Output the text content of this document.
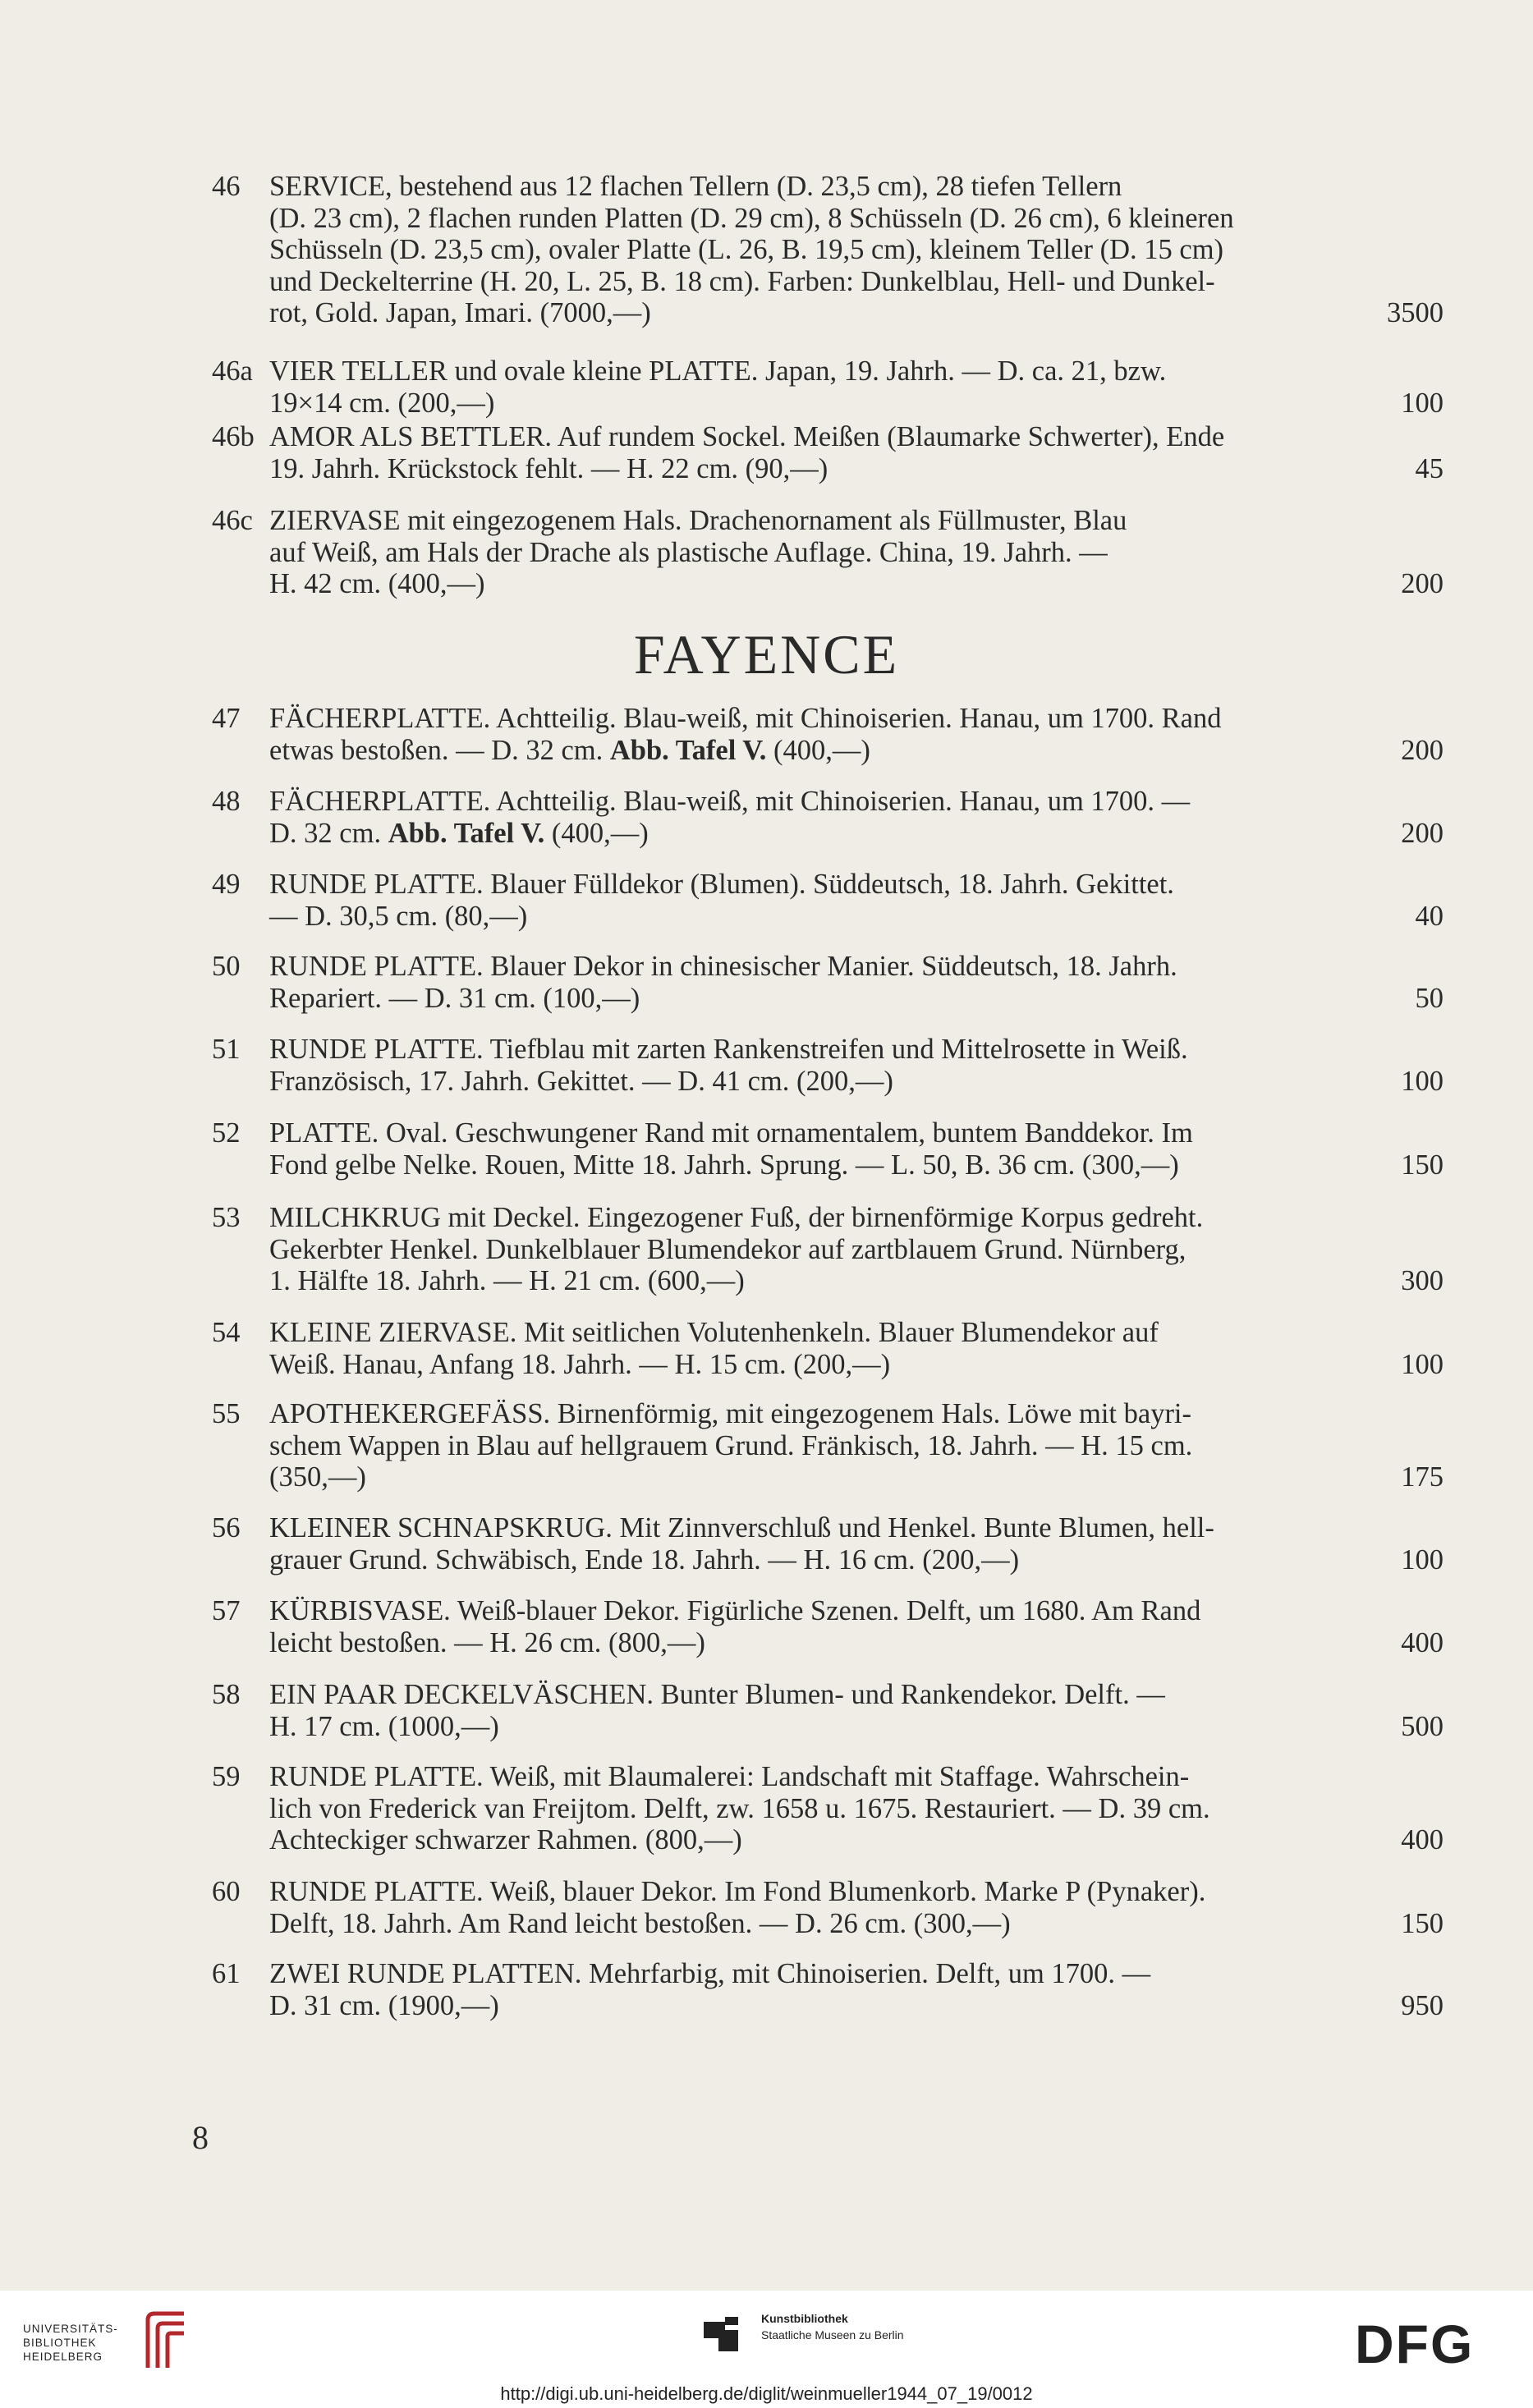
FAYENCE
46	SERVICE, bestehend aus 12 flachen Tellern (D. 23,5 cm), 28 tiefen Tellern
(D. 23 cm), 2 flachen runden Platten (D. 29 cm), 8 Schüsseln (D. 26 cm), 6 kleineren
Schüsseln (D. 23,5 cm), ovaler Platte (L. 26, B. 19,5 cm), kleinem Teller (D. 15 cm)
und Deckelterrine (H. 20, L. 25, B. 18 cm). Farben: Dunkelblau, Hell- und Dunkel-
rot, Gold. Japan, Imari. (7000,—)	3500
46a VIER TELLER und ovale kleine PLATTE. Japan, 19. Jahrh. — D. ca. 21, bzw.
19×14 cm. (200,—)	100
46b AMOR ALS BETTLER. Auf rundem Sockel. Meißen (Blaumarke Schwerter), Ende
19. Jahrh. Krückstock fehlt. — H. 22 cm. (90,—)	45
46c ZIERVASE mit eingezogenem Hals. Drachenornament als Füllmuster, Blau
auf Weiß, am Hals der Drache als plastische Auflage. China, 19. Jahrh. —
H. 42 cm. (400,—)	200
47	FÄCHERPLATTE. Achtteilig. Blau-weiß, mit Chinoiserien. Hanau, um 1700. Rand
etwas bestoßen. — D. 32 cm. Abb. Tafel V. (400,—)	200
48	FÄCHERPLATTE. Achtteilig. Blau-weiß, mit Chinoiserien. Hanau, um 1700. —
D. 32 cm. Abb. Tafel V. (400,—)	200
49	RUNDE PLATTE. Blauer Fülldekor (Blumen). Süddeutsch, 18. Jahrh. Gekittet.
— D. 30,5 cm. (80,—)	40
50	RUNDE PLATTE. Blauer Dekor in chinesischer Manier. Süddeutsch, 18. Jahrh.
Repariert. — D. 31 cm. (100,—)	50
51	RUNDE PLATTE. Tiefblau mit zarten Rankenstreifen und Mittelrosette in Weiß.
Französisch, 17. Jahrh. Gekittet. — D. 41 cm. (200,—)	100
52	PLATTE. Oval. Geschwungener Rand mit ornamentalem, buntem Banddekor. Im
Fond gelbe Nelke. Rouen, Mitte 18. Jahrh. Sprung. — L. 50, B. 36 cm. (300,—)	150
53	MILCHKRUG mit Deckel. Eingezogener Fuß, der birnenförmige Korpus gedreht.
Gekerbter Henkel. Dunkelblauer Blumendekor auf zartblauem Grund. Nürnberg,
1. Hälfte 18. Jahrh. — H. 21 cm. (600,—)	300
54	KLEINE ZIERVASE. Mit seitlichen Volutenhenkeln. Blauer Blumendekor auf
Weiß. Hanau, Anfang 18. Jahrh. — H. 15 cm. (200,—)	100
55	APOTHEKERGEFÄSS. Birnenförmig, mit eingezogenem Hals. Löwe mit bayri-
schem Wappen in Blau auf hellgrauem Grund. Fränkisch, 18. Jahrh. — H. 15 cm.
(350,—)	175
56	KLEINER SCHNAPSKRUG. Mit Zinnverschluß und Henkel. Bunte Blumen, hell-
grauer Grund. Schwäbisch, Ende 18. Jahrh. — H. 16 cm. (200,—)	100
57	KÜRBISVASE. Weiß-blauer Dekor. Figürliche Szenen. Delft, um 1680. Am Rand
leicht bestoßen. — H. 26 cm. (800,—)	400
58	EIN PAAR DECKELVÄSCHEN. Bunter Blumen- und Rankendekor. Delft. —
H. 17 cm. (1000,—)	500
59	RUNDE PLATTE. Weiß, mit Blaumalerei: Landschaft mit Staffage. Wahrschein-
lich von Frederick van Freijtom. Delft, zw. 1658 u. 1675. Restauriert. — D. 39 cm.
Achteckiger schwarzer Rahmen. (800,—)	400
60	RUNDE PLATTE. Weiß, blauer Dekor. Im Fond Blumenkorb. Marke P (Pynaker).
Delft, 18. Jahrh. Am Rand leicht bestoßen. — D. 26 cm. (300,—)	150
61	ZWEI RUNDE PLATTEN. Mehrfarbig, mit Chinoiserien. Delft, um 1700. —
D. 31 cm. (1900,—)	950
8
UNIVERSITÄTS-
BIBLIOTHEK
HEIDELBERG
Kunstbibliothek
Staatliche Museen zu Berlin	DFG
http://digi.ub.uni-heidelberg.de/diglit/weinmueller1944_07_19/0012
